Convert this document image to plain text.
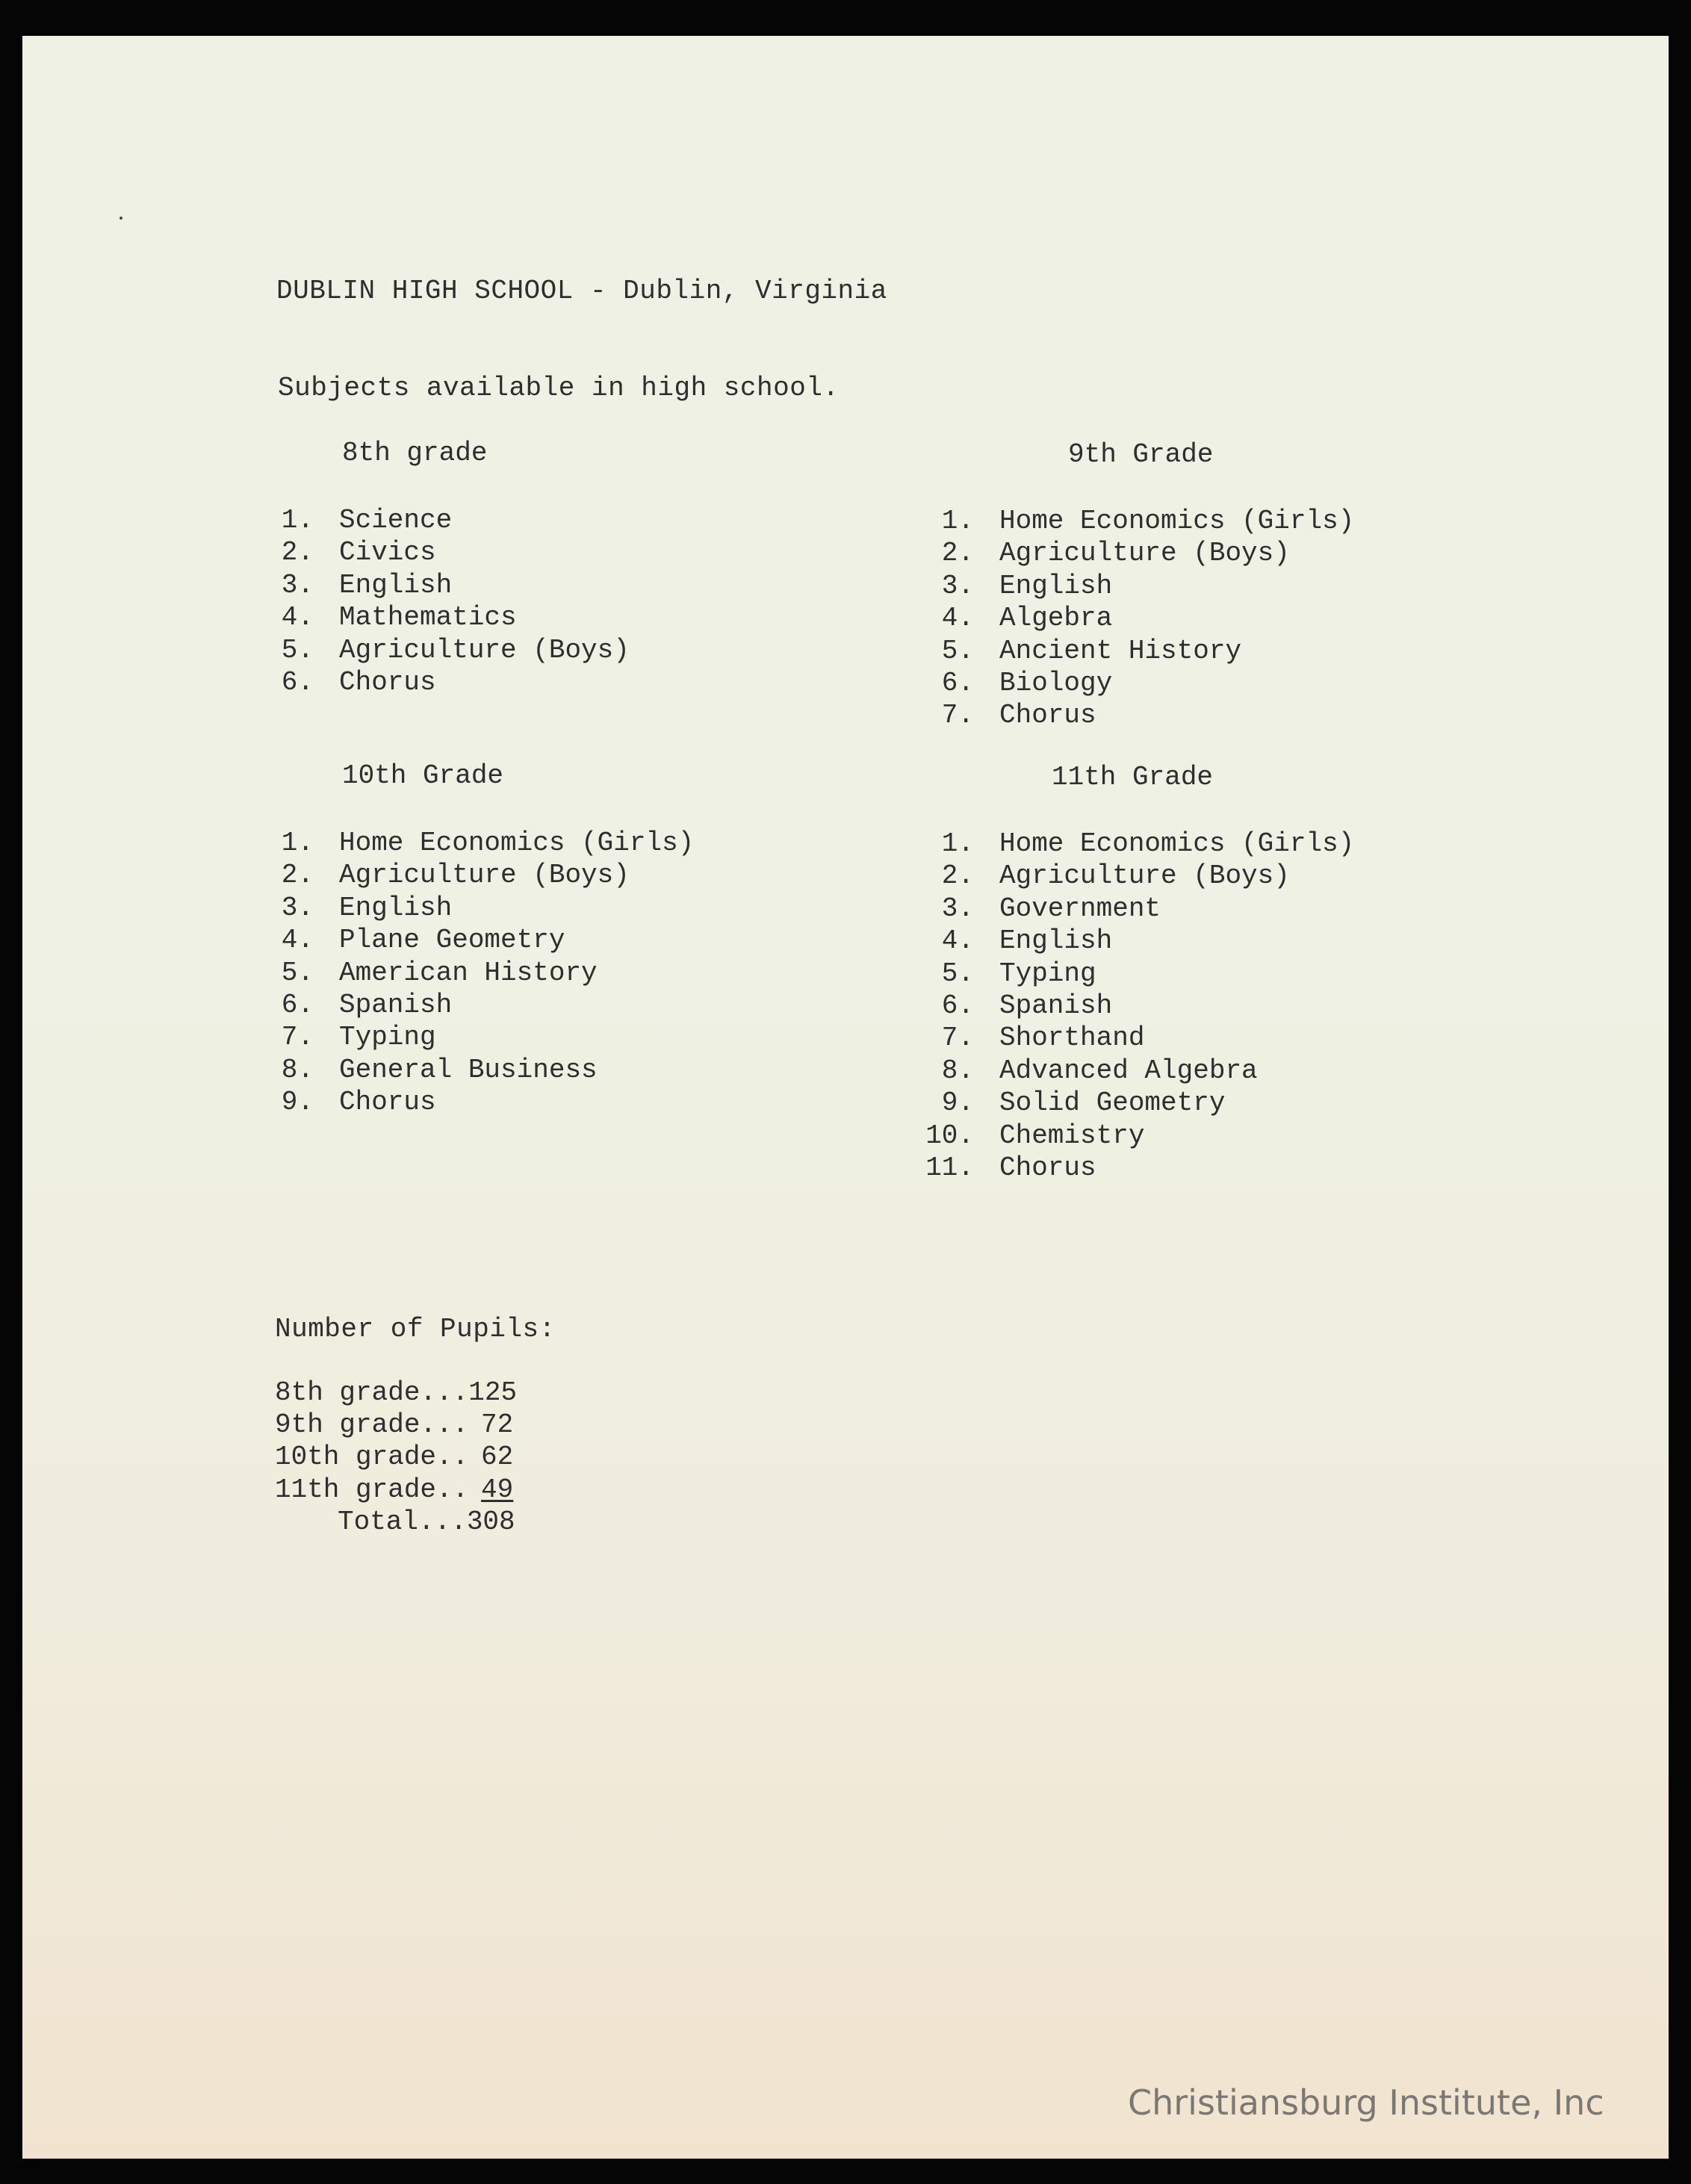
DUBLIN HIGH SCHOOL - Dublin, Virginia
Subjects available in high school.
8th grade
1. Science
2. Civics
3. English
4. Mathematics
5. Agriculture (Boys)
6. Chorus
9th Grade
1. Home Economics (Girls)
2. Agriculture (Boys)
3. English
4. Algebra
5. Ancient History
6. Biology
7. Chorus
10th Grade
1. Home Economics (Girls)
2. Agriculture (Boys)
3. English
4. Plane Geometry
5. American History
6. Spanish
7. Typing
8. General Business
9. Chorus
11th Grade
1. Home Economics (Girls)
2. Agriculture (Boys)
3. Government
4. English
5. Typing
6. Spanish
7. Shorthand
8. Advanced Algebra
9. Solid Geometry
10. Chemistry
11. Chorus
Number of Pupils:
8th grade...125
9th grade... 72
10th grade.. 62
11th grade.. 49
Total...308
Christiansburg Institute, Inc
